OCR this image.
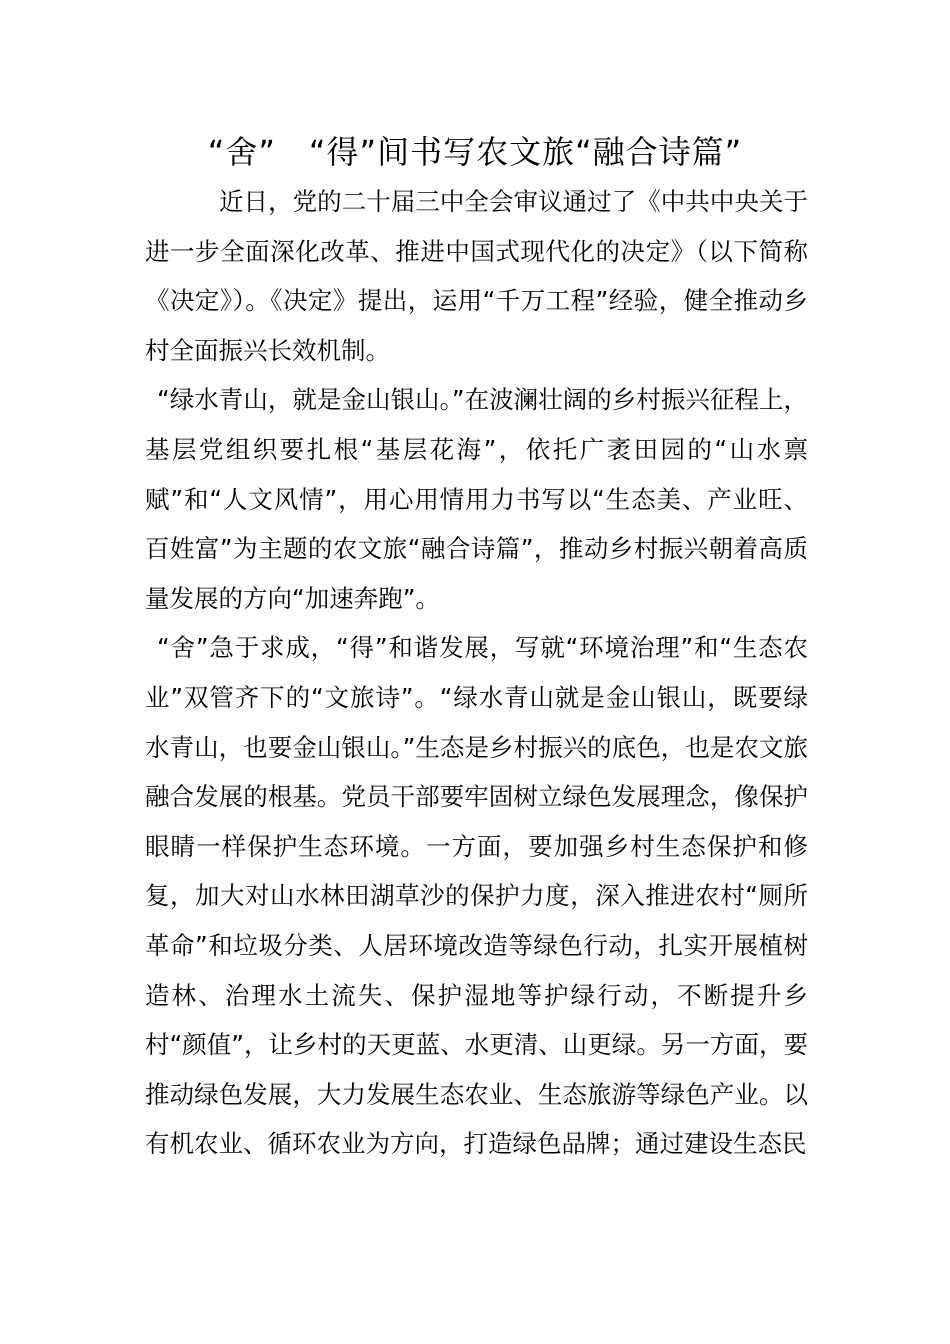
“舍”　“得”间书写农文旅“融合诗篇”

近日，党的二十届三中全会审议通过了《中共中央关于进一步全面深化改革、推进中国式现代化的决定》（以下简称《决定》）。《决定》提出，运用“千万工程”经验，健全推动乡村全面振兴长效机制。

“绿水青山，就是金山银山。”在波澜壮阔的乡村振兴征程上，基层党组织要扎根“基层花海”，依托广袤田园的“山水禀赋”和“人文风情”，用心用情用力书写以“生态美、产业旺、百姓富”为主题的农文旅“融合诗篇”，推动乡村振兴朝着高质量发展的方向“加速奔跑”。

“舍”急于求成，“得”和谐发展，写就“环境治理”和“生态农业”双管齐下的“文旅诗”。“绿水青山就是金山银山，既要绿水青山，也要金山银山。”生态是乡村振兴的底色，也是农文旅融合发展的根基。党员干部要牢固树立绿色发展理念，像保护眼睛一样保护生态环境。一方面，要加强乡村生态保护和修复，加大对山水林田湖草沙的保护力度，深入推进农村“厕所革命”和垃圾分类、人居环境改造等绿色行动，扎实开展植树造林、治理水土流失、保护湿地等护绿行动，不断提升乡村“颜值”，让乡村的天更蓝、水更清、山更绿。另一方面，要推动绿色发展，大力发展生态农业、生态旅游等绿色产业。以有机农业、循环农业为方向，打造绿色品牌；通过建设生态民
